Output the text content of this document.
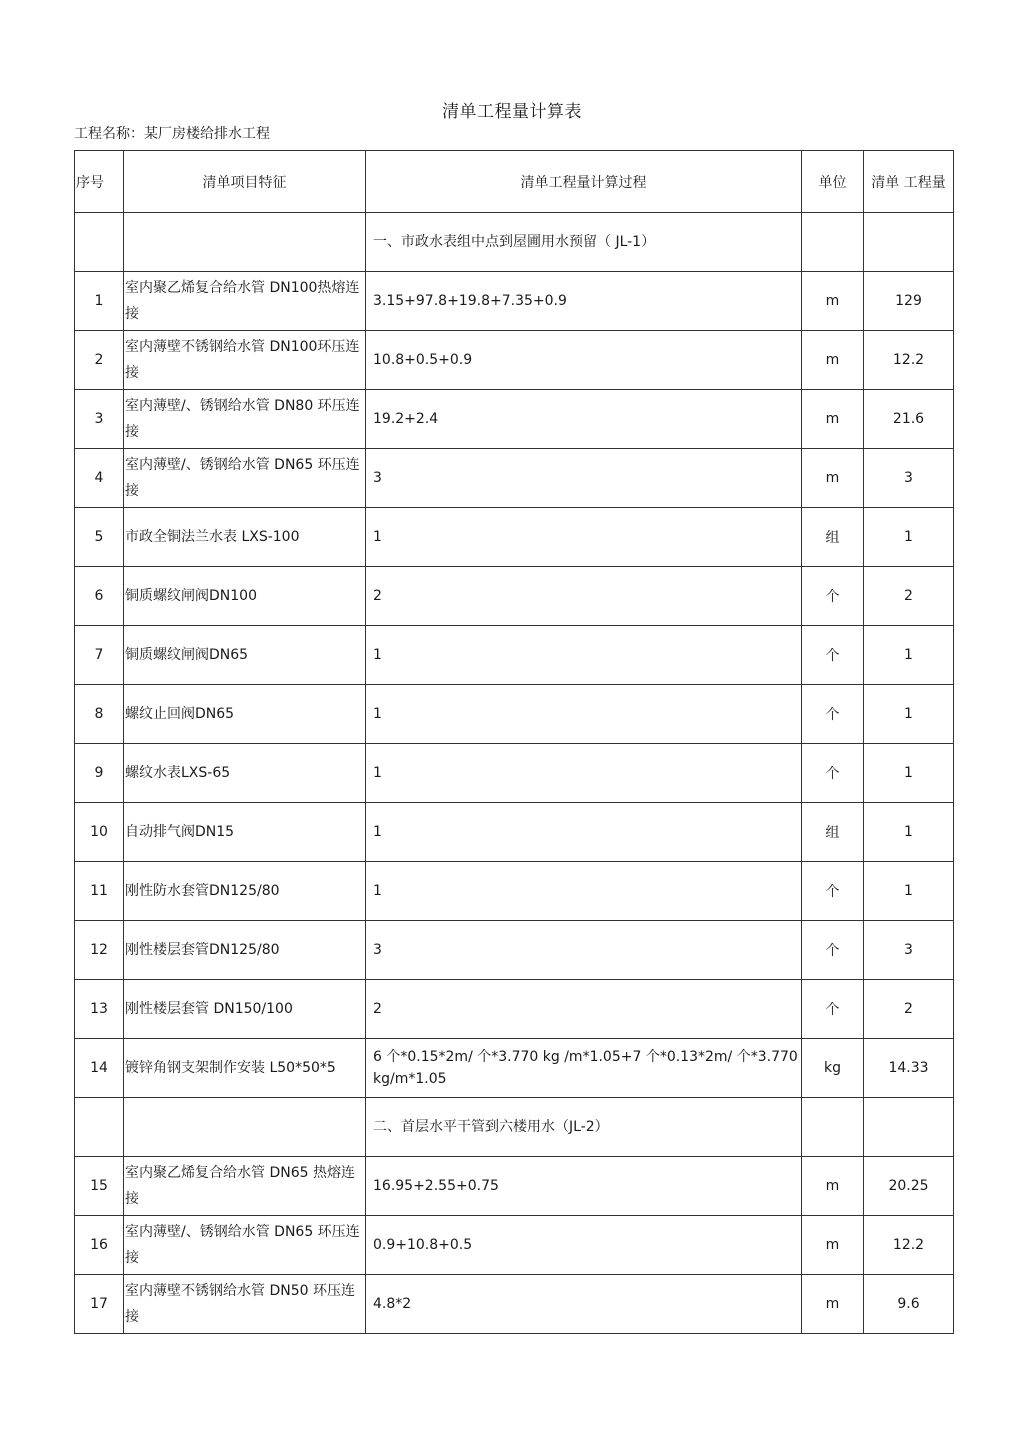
清单工程量计算表
工程名称：某厂房楼给排水工程
序号	清单项目特征	清单工程量计算过程	单位	清单 工程量
		一、市政水表组中点到屋圃用水预留（ JL-1）		
1	室内聚乙烯复合给水管 DN100热熔连接	3.15+97.8+19.8+7.35+0.9	m	129
2	室内薄壁不锈钢给水管 DN100环压连接	10.8+0.5+0.9	m	12.2
3	室内薄壁/、锈钢给水管 DN80 环压连接	19.2+2.4	m	21.6
4	室内薄壁/、锈钢给水管 DN65 环压连接	3	m	3
5	市政全铜法兰水表 LXS-100	1	组	1
6	铜质螺纹闸阀DN100	2	个	2
7	铜质螺纹闸阀DN65	1	个	1
8	螺纹止回阀DN65	1	个	1
9	螺纹水表LXS-65	1	个	1
10	自动排气阀DN15	1	组	1
11	刚性防水套管DN125/80	1	个	1
12	刚性楼层套管DN125/80	3	个	3
13	刚性楼层套管 DN150/100	2	个	2
14	镀锌角钢支架制作安装 L50*50*5	6 个*0.15*2m/ 个*3.770 kg /m*1.05+7 个*0.13*2m/ 个*3.770 kg/m*1.05	kg	14.33
		二、首层水平干管到六楼用水（JL-2）		
15	室内聚乙烯复合给水管 DN65 热熔连接	16.95+2.55+0.75	m	20.25
16	室内薄壁/、锈钢给水管 DN65 环压连接	0.9+10.8+0.5	m	12.2
17	室内薄壁不锈钢给水管 DN50 环压连接	4.8*2	m	9.6
